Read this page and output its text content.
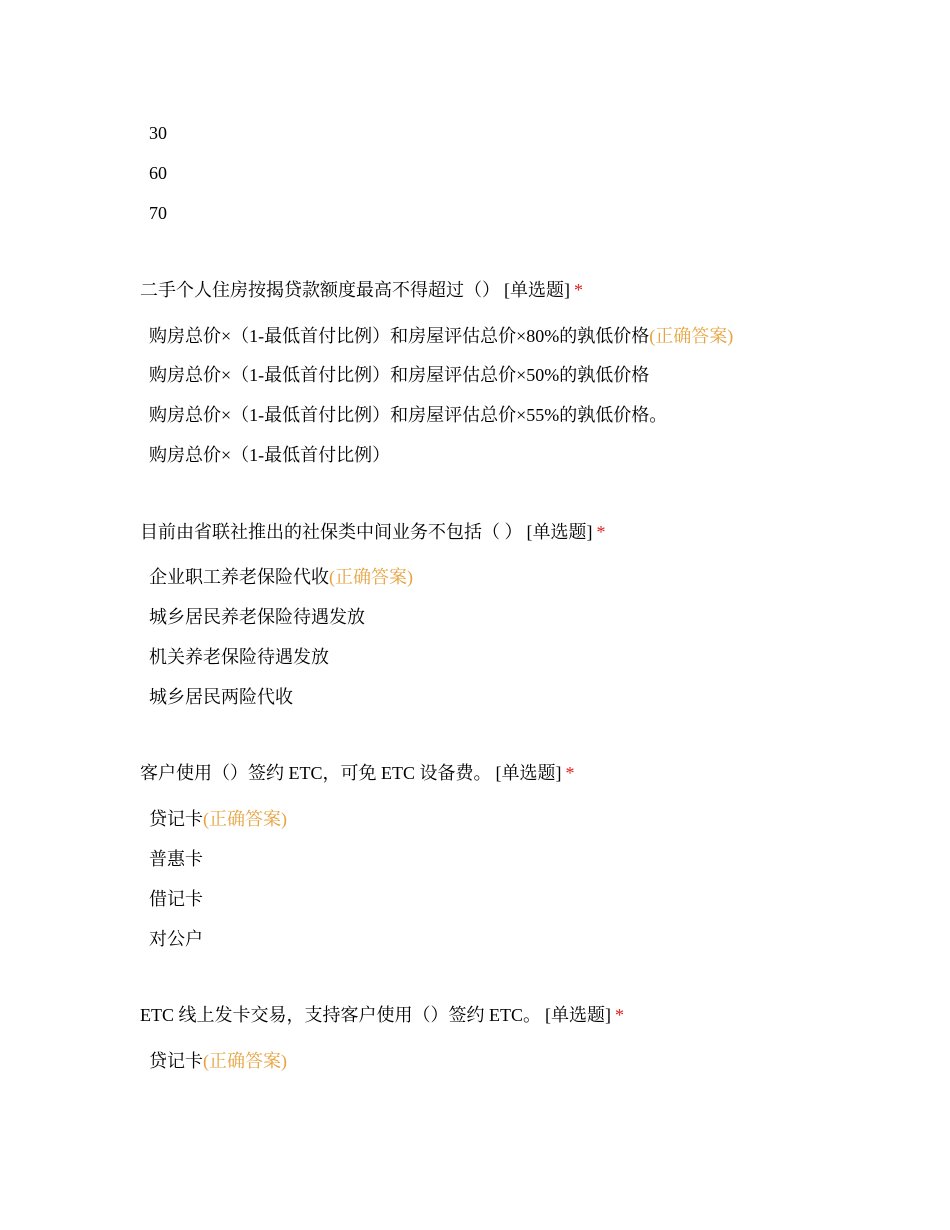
30
60
70
二手个人住房按揭贷款额度最高不得超过（） [单选题] *
购房总价×（1-最低首付比例）和房屋评估总价×80%的孰低价格(正确答案)
购房总价×（1-最低首付比例）和房屋评估总价×50%的孰低价格
购房总价×（1-最低首付比例）和房屋评估总价×55%的孰低价格。
购房总价×（1-最低首付比例）
目前由省联社推出的社保类中间业务不包括（ ） [单选题] *
企业职工养老保险代收(正确答案)
城乡居民养老保险待遇发放
机关养老保险待遇发放
城乡居民两险代收
客户使用（）签约 ETC，可免 ETC 设备费。 [单选题] *
贷记卡(正确答案)
普惠卡
借记卡
对公户
ETC 线上发卡交易，支持客户使用（）签约 ETC。 [单选题] *
贷记卡(正确答案)
